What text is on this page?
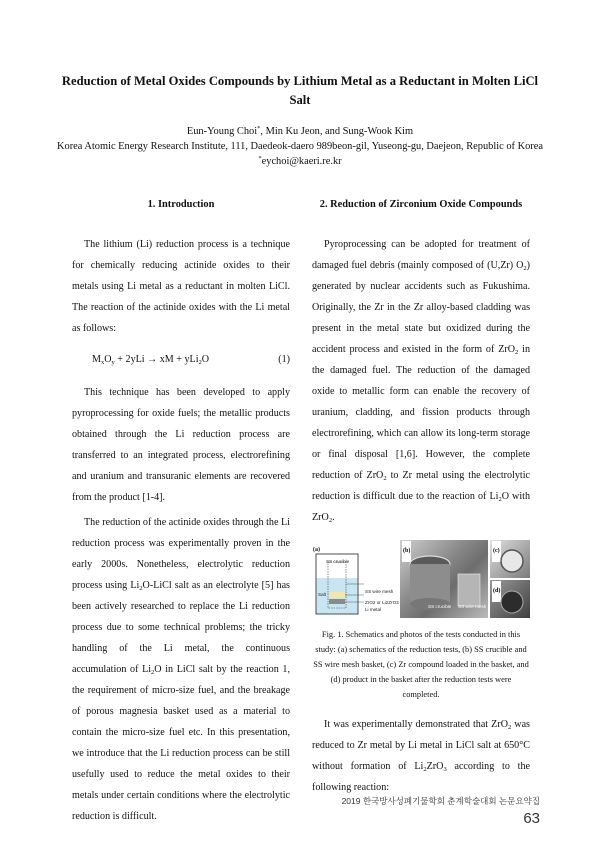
Reduction of Metal Oxides Compounds by Lithium Metal as a Reductant in Molten LiCl Salt
Eun-Young Choi*, Min Ku Jeon, and Sung-Wook Kim
Korea Atomic Energy Research Institute, 111, Daedeok-daero 989beon-gil, Yuseong-gu, Daejeon, Republic of Korea
*eychoi@kaeri.re.kr
1. Introduction

The lithium (Li) reduction process is a technique for chemically reducing actinide oxides to their metals using Li metal as a reductant in molten LiCl. The reaction of the actinide oxides with the Li metal as follows:

$M_xO_y + 2yLi$ → xM + yLi$_2$O	(1)

This technique has been developed to apply pyroprocessing for oxide fuels; the metallic products obtained through the Li reduction process are transferred to an integrated process, electrorefining and uranium and transuranic elements are recovered from the product [1-4].

The reduction of the actinide oxides through the Li reduction process was experimentally proven in the early 2000s. Nonetheless, electrolytic reduction process using $Li_2O$-LiCl salt as an electrolyte [5] has been actively researched to replace the Li reduction process due to some technical problems; the tricky handling of the Li metal, the continuous accumulation of $Li_2O$ in LiCl salt by the reaction 1, the requirement of micro-size fuel, and the breakage of porous magnesia basket used as a material to contain the micro-size fuel etc. In this presentation, we introduce that the Li reduction process can be still usefully used to reduce the metal oxides to their metals under certain conditions where the electrolytic reduction is difficult.

2. Reduction of Zirconium Oxide Compounds

Pyroprocessing can be adopted for treatment of damaged fuel debris (mainly composed of (U,Zr) $O_2$) generated by nuclear accidents such as Fukushima. Originally, the Zr in the Zr alloy-based cladding was present in the metal state but oxidized during the accident process and existed in the form of ZrO$_2$ in the damaged fuel. The reduction of the damaged oxide to metallic form can enable the recovery of uranium, cladding, and fission products through electrorefining, which can allow its long-term storage or final disposal [1,6]. However, the complete reduction of ZrO$_2$ to Zr metal using the electrolytic reduction is difficult due to the reaction of $Li_2O$ with ZrO$_2$.

(a)
SS crucible
Salt
SS wire mesh
ZrO2 or Li2ZrO3
Li metal
(b)
SS crucible SS wire mesh
(c)
(d)
Fig. 1. Schematics and photos of the tests conducted in this study: (a) schematics of the reduction tests, (b) SS crucible and SS wire mesh basket, (c) Zr compound loaded in the basket, and (d) product in the basket after the reduction tests were completed.

It was experimentally demonstrated that ZrO$_2$ was reduced to Zr metal by Li metal in LiCl salt at 650°C without formation of $Li_2ZrO_3$ according to the following reaction:

2019 한국방사성폐기물학회 춘계학술대회 논문요약집63
